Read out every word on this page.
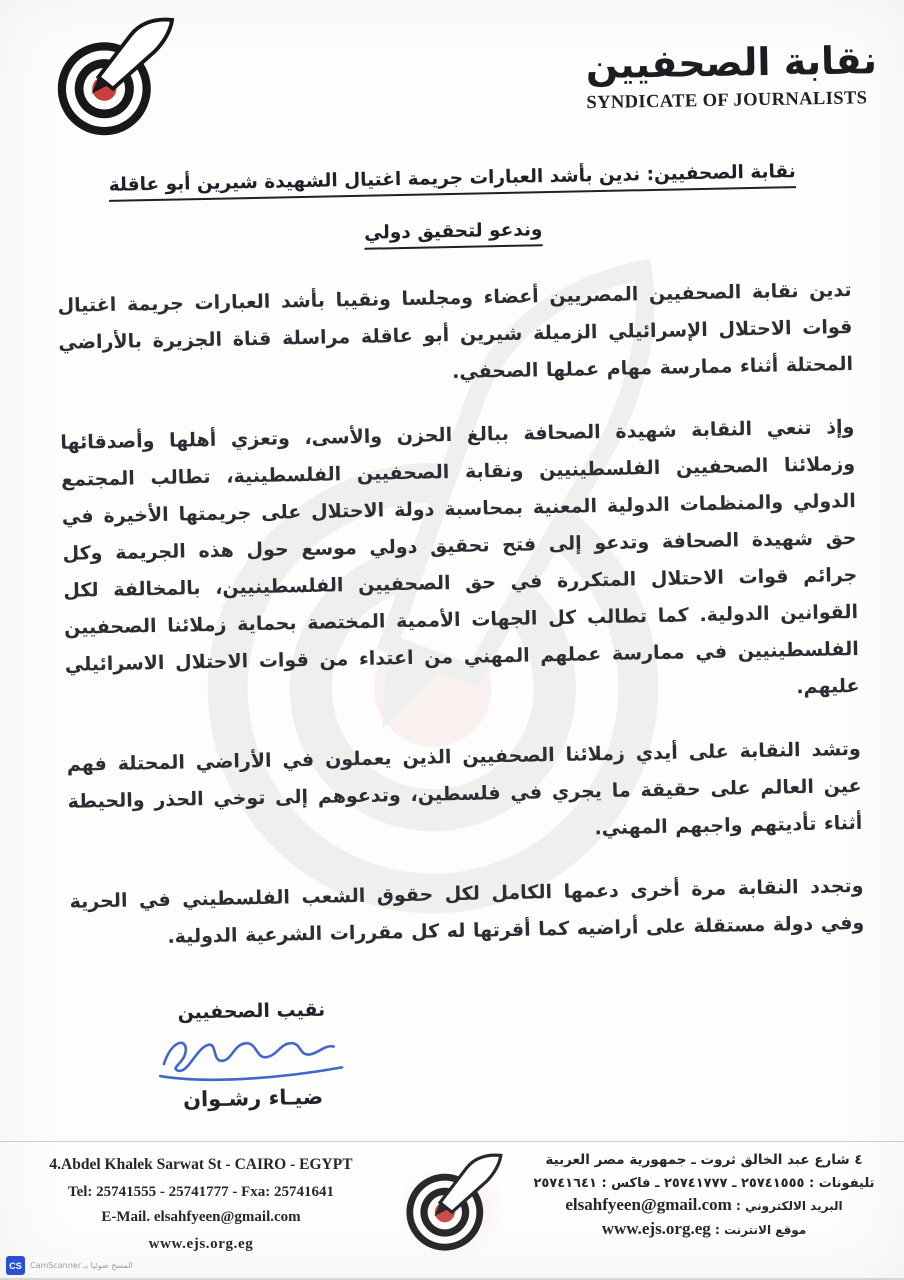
نقابة الصحفيين
SYNDICATE OF JOURNALISTS
نقابة الصحفيين: ندين بأشد العبارات جريمة اغتيال الشهيدة شيرين أبو عاقلة
وندعو لتحقيق دولي

تدين نقابة الصحفيين المصريين أعضاء ومجلسا ونقيبا بأشد العبارات جريمة اغتيال قوات الاحتلال الإسرائيلي الزميلة شيرين أبو عاقلة مراسلة قناة الجزيرة بالأراضي المحتلة أثناء ممارسة مهام عملها الصحفي.

وإذ تنعي النقابة شهيدة الصحافة ببالغ الحزن والأسى، وتعزي أهلها وأصدقائها وزملائنا الصحفيين الفلسطينيين ونقابة الصحفيين الفلسطينية، تطالب المجتمع الدولي والمنظمات الدولية المعنية بمحاسبة دولة الاحتلال على جريمتها الأخيرة في حق شهيدة الصحافة وتدعو إلى فتح تحقيق دولي موسع حول هذه الجريمة وكل جرائم قوات الاحتلال المتكررة في حق الصحفيين الفلسطينيين، بالمخالفة لكل القوانين الدولية. كما تطالب كل الجهات الأممية المختصة بحماية زملائنا الصحفيين الفلسطينيين في ممارسة عملهم المهني من اعتداء من قوات الاحتلال الاسرائيلي عليهم.

وتشد النقابة على أيدي زملائنا الصحفيين الذين يعملون في الأراضي المحتلة فهم عين العالم على حقيقة ما يجري في فلسطين، وتدعوهم إلى توخي الحذر والحيطة أثناء تأديتهم واجبهم المهني.

وتجدد النقابة مرة أخرى دعمها الكامل لكل حقوق الشعب الفلسطيني في الحرية وفي دولة مستقلة على أراضيه كما أقرتها له كل مقررات الشرعية الدولية.

نقيب الصحفيين
ضيـاء رشـوان
4.Abdel Khalek Sarwat St - CAIRO - EGYPT
Tel: 25741555 - 25741777 - Fxa: 25741641
E-Mail. elsahfyeen@gmail.com
www.ejs.org.eg
٤ شارع عبد الخالق ثروت ـ جمهورية مصر العربية
تليفونات : ٢٥٧٤١٥٥٥ ـ ٢٥٧٤١٧٧٧ ـ فاكس : ٢٥٧٤١٦٤١
البريد الالكتروني : elsahfyeen@gmail.com
موقع الانترنت : www.ejs.org.eg
CS	المسح ضوئيا بـ CamScanner
